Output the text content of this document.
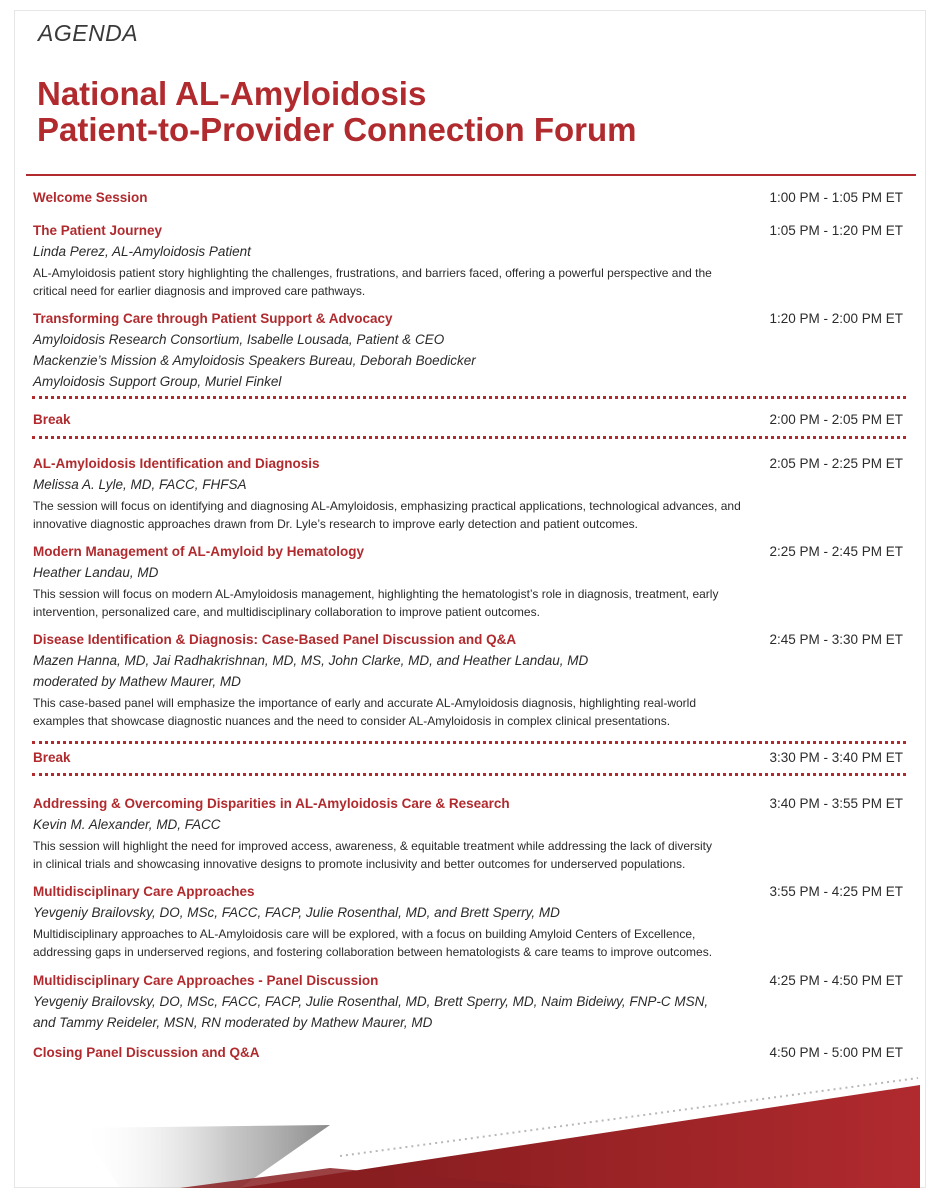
AGENDA
National AL-Amyloidosis
Patient-to-Provider Connection Forum
Welcome Session	1:00 PM - 1:05 PM ET
The Patient Journey	1:05 PM - 1:20 PM ET
Linda Perez, AL-Amyloidosis Patient
AL-Amyloidosis patient story highlighting the challenges, frustrations, and barriers faced, offering a powerful perspective and the
critical need for earlier diagnosis and improved care pathways.
Transforming Care through Patient Support & Advocacy	1:20 PM - 2:00 PM ET
Amyloidosis Research Consortium, Isabelle Lousada, Patient & CEO
Mackenzie’s Mission & Amyloidosis Speakers Bureau, Deborah Boedicker
Amyloidosis Support Group, Muriel Finkel
Break	2:00 PM - 2:05 PM ET
AL-Amyloidosis Identification and Diagnosis	2:05 PM - 2:25 PM ET
Melissa A. Lyle, MD, FACC, FHFSA
The session will focus on identifying and diagnosing AL-Amyloidosis, emphasizing practical applications, technological advances, and
innovative diagnostic approaches drawn from Dr. Lyle’s research to improve early detection and patient outcomes.
Modern Management of AL-Amyloid by Hematology	2:25 PM - 2:45 PM ET
Heather Landau, MD
This session will focus on modern AL-Amyloidosis management, highlighting the hematologist’s role in diagnosis, treatment, early
intervention, personalized care, and multidisciplinary collaboration to improve patient outcomes.
Disease Identification & Diagnosis: Case-Based Panel Discussion and Q&A	2:45 PM - 3:30 PM ET
Mazen Hanna, MD, Jai Radhakrishnan, MD, MS, John Clarke, MD, and Heather Landau, MD
moderated by Mathew Maurer, MD
This case-based panel will emphasize the importance of early and accurate AL-Amyloidosis diagnosis, highlighting real-world
examples that showcase diagnostic nuances and the need to consider AL-Amyloidosis in complex clinical presentations.
Break	3:30 PM - 3:40 PM ET
Addressing & Overcoming Disparities in AL-Amyloidosis Care & Research	3:40 PM - 3:55 PM ET
Kevin M. Alexander, MD, FACC
This session will highlight the need for improved access, awareness, & equitable treatment while addressing the lack of diversity
in clinical trials and showcasing innovative designs to promote inclusivity and better outcomes for underserved populations.
Multidisciplinary Care Approaches	3:55 PM - 4:25 PM ET
Yevgeniy Brailovsky, DO, MSc, FACC, FACP, Julie Rosenthal, MD, and Brett Sperry, MD
Multidisciplinary approaches to AL-Amyloidosis care will be explored, with a focus on building Amyloid Centers of Excellence,
addressing gaps in underserved regions, and fostering collaboration between hematologists & care teams to improve outcomes.
Multidisciplinary Care Approaches - Panel Discussion	4:25 PM - 4:50 PM ET
Yevgeniy Brailovsky, DO, MSc, FACC, FACP, Julie Rosenthal, MD, Brett Sperry, MD, Naim Bideiwy, FNP-C MSN,
and Tammy Reideler, MSN, RN moderated by Mathew Maurer, MD
Closing Panel Discussion and Q&A	4:50 PM - 5:00 PM ET
